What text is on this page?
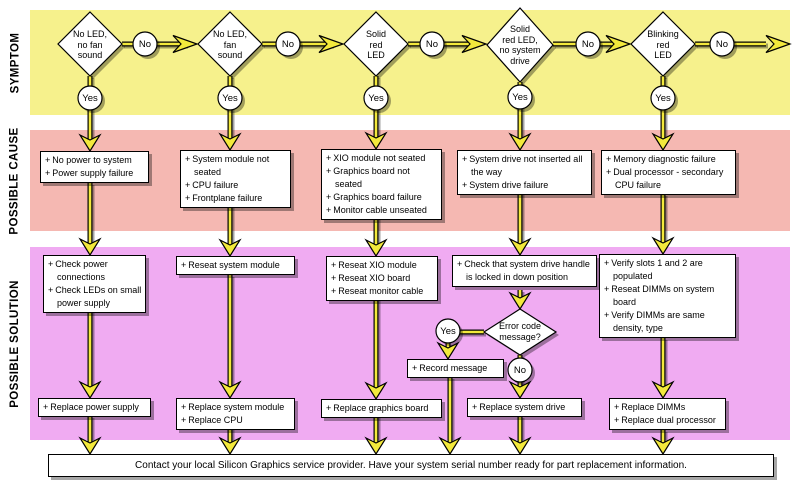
SYMPTOM
POSSIBLE CAUSE
POSSIBLE SOLUTION
No	No	No	No	No
Yes	Yes	Yes	Yes	Yes
Yes
No
No LED,
no fan
sound
No LED,
fan
sound
Solid
red
LED
Solid
red LED,
no system
drive
Blinking
red
LED
Error code
message?
+ No power to system
+ Power supply failure
+ System module not seated
+ CPU failure
+ Frontplane failure
+ XIO module not seated
+ Graphics board not seated
+ Graphics board failure
+ Monitor cable unseated
+ System drive not inserted all the way
+ System drive failure
+ Memory diagnostic failure
+ Dual processor - secondary CPU failure
+ Check power connections
+ Check LEDs on small power supply
+ Reseat system module	+ Reseat XIO module
+ Reseat XIO board
+ Reseat monitor cable
+ Check that system drive handle is locked in down position
+ Verify slots 1 and 2 are populated
+ Reseat DIMMs on system board
+ Verify DIMMs are same density, type
+ Record message
+ Replace power supply	+ Replace system module
+ Replace CPU
+ Replace graphics board	+ Replace system drive	+ Replace DIMMs
+ Replace dual processor
Contact your local Silicon Graphics service provider. Have your system serial number ready for part replacement information.
